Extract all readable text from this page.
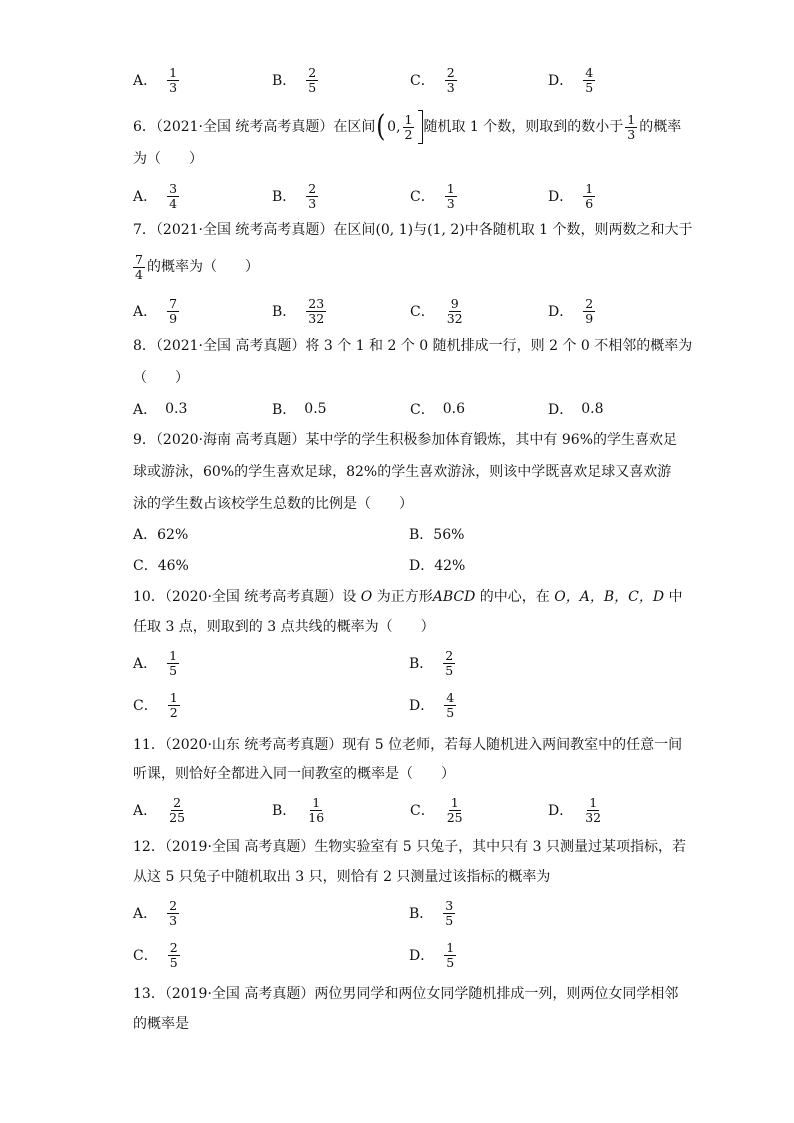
A． $\frac{1}{3}$	B． $\frac{2}{5}$	C． $\frac{2}{3}$	D． $\frac{4}{5}$
6．（2021·全国 统考高考真题）在区间 ( 0, $\frac{1}{2}$ 随机取 1 个数，则取到的数小于 $\frac{1}{3}$ 的概率
为（　　）
A． $\frac{3}{4}$	B． $\frac{2}{3}$	C． $\frac{1}{3}$	D． $\frac{1}{6}$
7．（2021·全国 统考高考真题）在区间(0, 1)与(1, 2)中各随机取 1 个数，则两数之和大于
$\frac{7}{4}$ 的概率为（　　）
A． $\frac{7}{9}$	B． $\frac{23}{32}$	C． $\frac{9}{32}$	D． $\frac{2}{9}$
8．（2021·全国 高考真题）将 3 个 1 和 2 个 0 随机排成一行，则 2 个 0 不相邻的概率为
（　　）
A． 0.3	B． 0.5	C． 0.6	D． 0.8
9．（2020·海南 高考真题）某中学的学生积极参加体育锻炼，其中有 96%的学生喜欢足
球或游泳，60%的学生喜欢足球，82%的学生喜欢游泳，则该中学既喜欢足球又喜欢游
泳的学生数占该校学生总数的比例是（　　）
A．62%	B．56%
C．46%	D．42%
10．（2020·全国 统考高考真题）设 O 为正方形ABCD 的中心，在 O，A，B，C，D 中
任取 3 点，则取到的 3 点共线的概率为（　　）
A． $\frac{1}{5}$	B． $\frac{2}{5}$
C． $\frac{1}{2}$	D． $\frac{4}{5}$
11．（2020·山东 统考高考真题）现有 5 位老师，若每人随机进入两间教室中的任意一间
听课，则恰好全都进入同一间教室的概率是（　　）
A． $\frac{2}{25}$	B． $\frac{1}{16}$	C． $\frac{1}{25}$	D． $\frac{1}{32}$
12．（2019·全国 高考真题）生物实验室有 5 只兔子，其中只有 3 只测量过某项指标，若
从这 5 只兔子中随机取出 3 只，则恰有 2 只测量过该指标的概率为
A． $\frac{2}{3}$	B． $\frac{3}{5}$
C． $\frac{2}{5}$	D． $\frac{1}{5}$
13．（2019·全国 高考真题）两位男同学和两位女同学随机排成一列，则两位女同学相邻
的概率是
